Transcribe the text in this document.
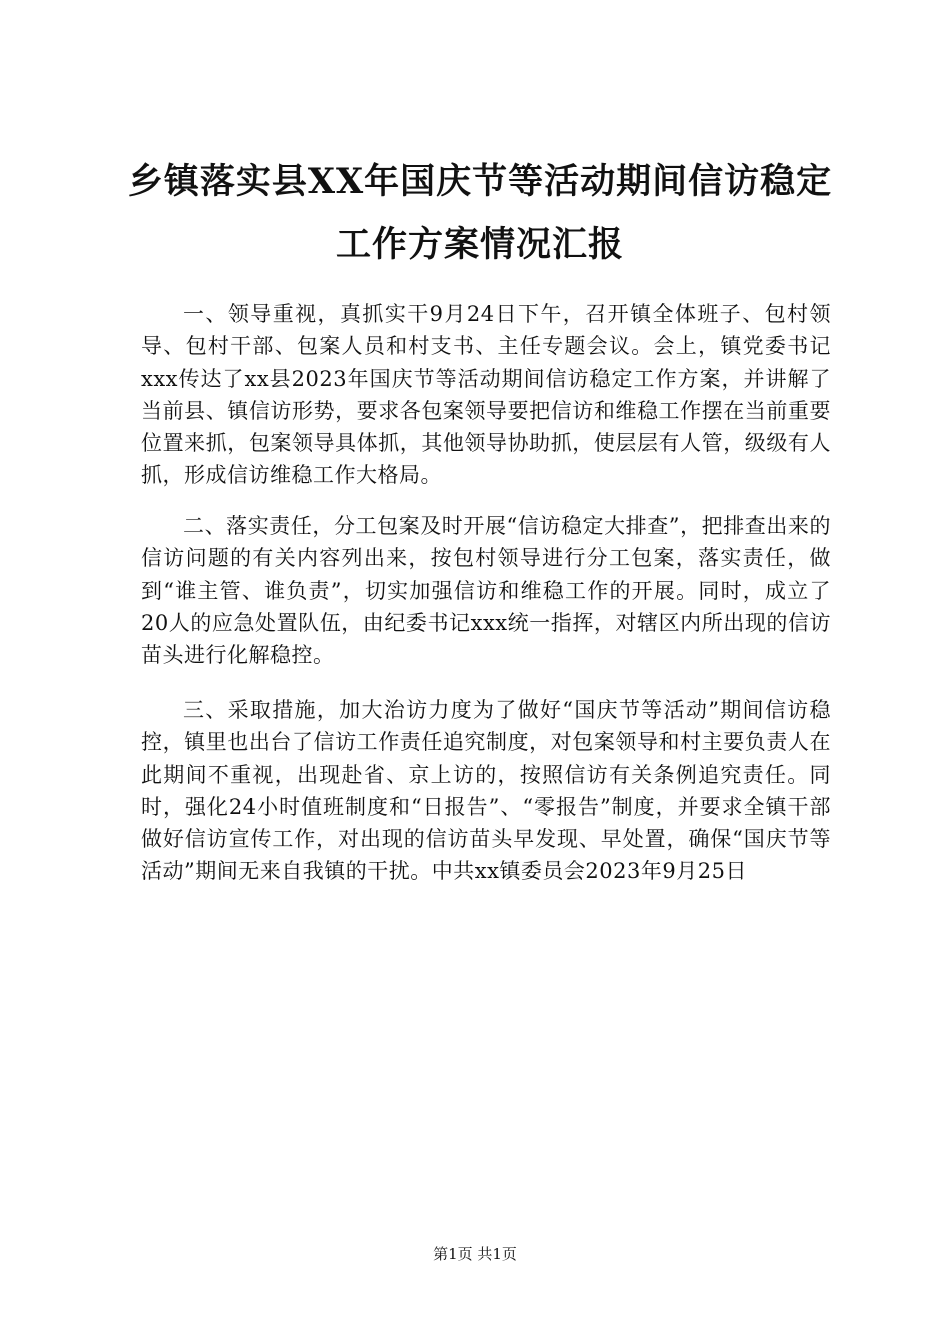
乡镇落实县XX年国庆节等活动期间信访稳定
工作方案情况汇报

一、领导重视，真抓实干9月24日下午，召开镇全体班子、包村领导、包村干部、包案人员和村支书、主任专题会议。会上，镇党委书记xxx传达了xx县2023年国庆节等活动期间信访稳定工作方案，并讲解了当前县、镇信访形势，要求各包案领导要把信访和维稳工作摆在当前重要位置来抓，包案领导具体抓，其他领导协助抓，使层层有人管，级级有人抓，形成信访维稳工作大格局。

二、落实责任，分工包案及时开展“信访稳定大排查”，把排查出来的信访问题的有关内容列出来，按包村领导进行分工包案，落实责任，做到“谁主管、谁负责”，切实加强信访和维稳工作的开展。同时，成立了20人的应急处置队伍，由纪委书记xxx统一指挥，对辖区内所出现的信访苗头进行化解稳控。

三、采取措施，加大治访力度为了做好“国庆节等活动”期间信访稳控，镇里也出台了信访工作责任追究制度，对包案领导和村主要负责人在此期间不重视，出现赴省、京上访的，按照信访有关条例追究责任。同时，强化24小时值班制度和“日报告”、“零报告”制度，并要求全镇干部做好信访宣传工作，对出现的信访苗头早发现、早处置，确保“国庆节等活动”期间无来自我镇的干扰。中共xx镇委员会2023年9月25日

第1页 共1页
